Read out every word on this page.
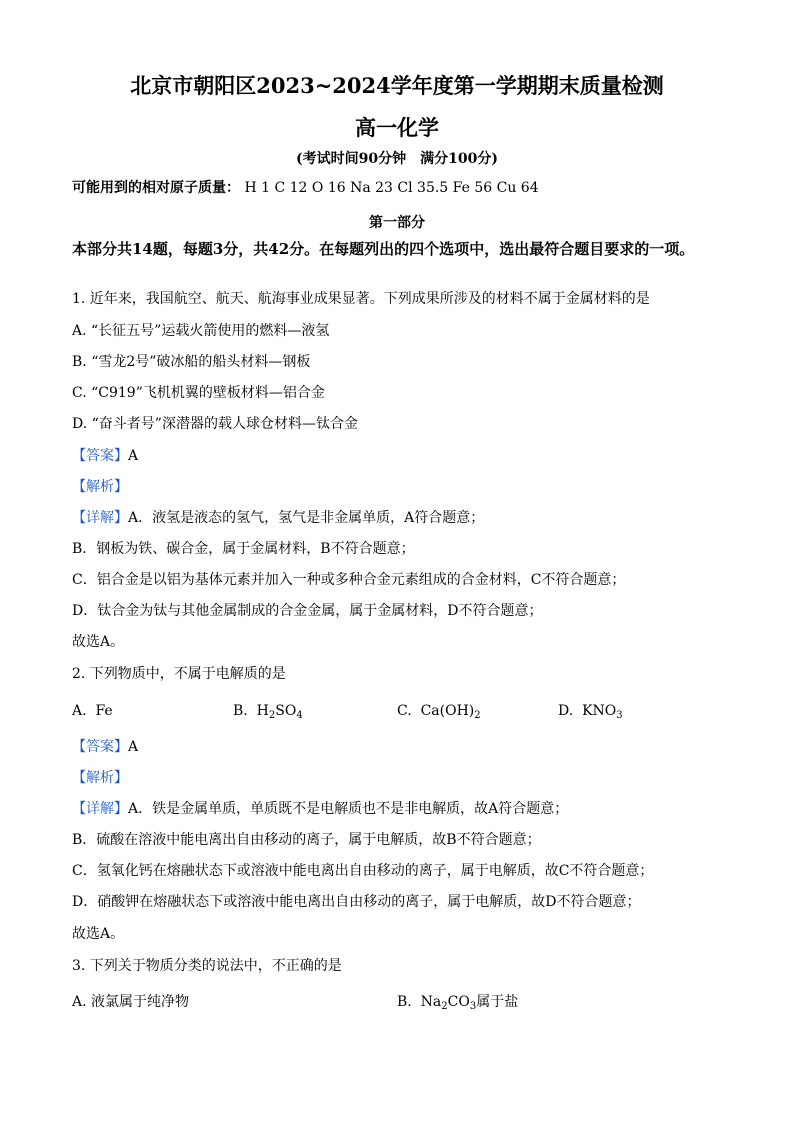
北京市朝阳区2023~2024学年度第一学期期末质量检测
高一化学
(考试时间90分钟　满分100分)
可能用到的相对原子质量： H 1 C 12 O 16 Na 23 Cl 35.5 Fe 56 Cu 64
第一部分
本部分共14题，每题3分，共42分。在每题列出的四个选项中，选出最符合题目要求的一项。
1. 近年来，我国航空、航天、航海事业成果显著。下列成果所涉及的材料不属于金属材料的是
A. “长征五号”运载火箭使用的燃料—液氢
B. “雪龙2号”破冰船的船头材料—钢板
C. “C919”飞机机翼的壁板材料—铝合金
D. “奋斗者号”深潜器的载人球仓材料—钛合金
【答案】A
【解析】
【详解】A．液氢是液态的氢气，氢气是非金属单质，A符合题意；
B．钢板为铁、碳合金，属于金属材料，B不符合题意；
C．铝合金是以铝为基体元素并加入一种或多种合金元素组成的合金材料，C不符合题意；
D．钛合金为钛与其他金属制成的合金金属，属于金属材料，D不符合题意；
故选A。
2. 下列物质中，不属于电解质的是
A. Fe	B. $H_2SO_4$	C. $Ca(OH)_2$	D. $KNO_3$
【答案】A
【解析】
【详解】A．铁是金属单质，单质既不是电解质也不是非电解质，故A符合题意；
B．硫酸在溶液中能电离出自由移动的离子，属于电解质，故B不符合题意；
C．氢氧化钙在熔融状态下或溶液中能电离出自由移动的离子，属于电解质，故C不符合题意；
D．硝酸钾在熔融状态下或溶液中能电离出自由移动的离子，属于电解质，故D不符合题意；
故选A。
3. 下列关于物质分类的说法中，不正确的是
A. 液氯属于纯净物	B. $Na_2CO_3$属于盐
